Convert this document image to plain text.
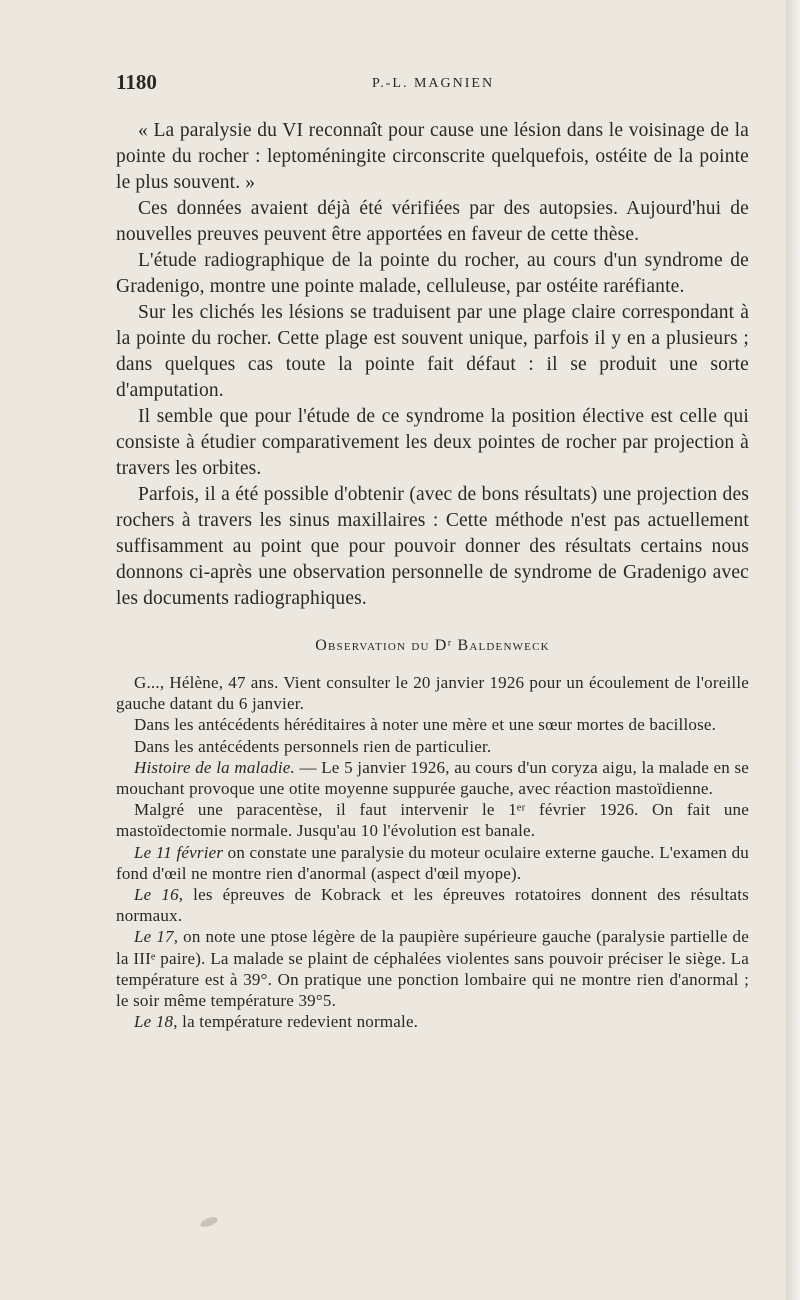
1180	P.-L. MAGNIEN

« La paralysie du VI reconnaît pour cause une lésion dans le voisinage de la pointe du rocher : leptoméningite circonscrite quelquefois, ostéite de la pointe le plus souvent. »

Ces données avaient déjà été vérifiées par des autopsies. Aujourd'hui de nouvelles preuves peuvent être apportées en faveur de cette thèse.

L'étude radiographique de la pointe du rocher, au cours d'un syndrome de Gradenigo, montre une pointe malade, celluleuse, par ostéite raréfiante.

Sur les clichés les lésions se traduisent par une plage claire correspondant à la pointe du rocher. Cette plage est souvent unique, parfois il y en a plusieurs ; dans quelques cas toute la pointe fait défaut : il se produit une sorte d'amputation.

Il semble que pour l'étude de ce syndrome la position élective est celle qui consiste à étudier comparativement les deux pointes de rocher par projection à travers les orbites.

Parfois, il a été possible d'obtenir (avec de bons résultats) une projection des rochers à travers les sinus maxillaires : Cette méthode n'est pas actuellement suffisamment au point que pour pouvoir donner des résultats certains nous donnons ci-après une observation personnelle de syndrome de Gradenigo avec les documents radiographiques.

Observation du Dʳ Baldenweck

G..., Hélène, 47 ans. Vient consulter le 20 janvier 1926 pour un écoulement de l'oreille gauche datant du 6 janvier.

Dans les antécédents héréditaires à noter une mère et une sœur mortes de bacillose.

Dans les antécédents personnels rien de particulier.

Histoire de la maladie. — Le 5 janvier 1926, au cours d'un coryza aigu, la malade en se mouchant provoque une otite moyenne suppurée gauche, avec réaction mastoïdienne.

Malgré une paracentèse, il faut intervenir le 1ᵉʳ février 1926. On fait une mastoïdectomie normale. Jusqu'au 10 l'évolution est banale.

Le 11 février on constate une paralysie du moteur oculaire externe gauche. L'examen du fond d'œil ne montre rien d'anormal (aspect d'œil myope).

Le 16, les épreuves de Kobrack et les épreuves rotatoires donnent des résultats normaux.

Le 17, on note une ptose légère de la paupière supérieure gauche (paralysie partielle de la IIIᵉ paire). La malade se plaint de céphalées violentes sans pouvoir préciser le siège. La température est à 39°. On pratique une ponction lombaire qui ne montre rien d'anormal ; le soir même température 39°5.

Le 18, la température redevient normale.
